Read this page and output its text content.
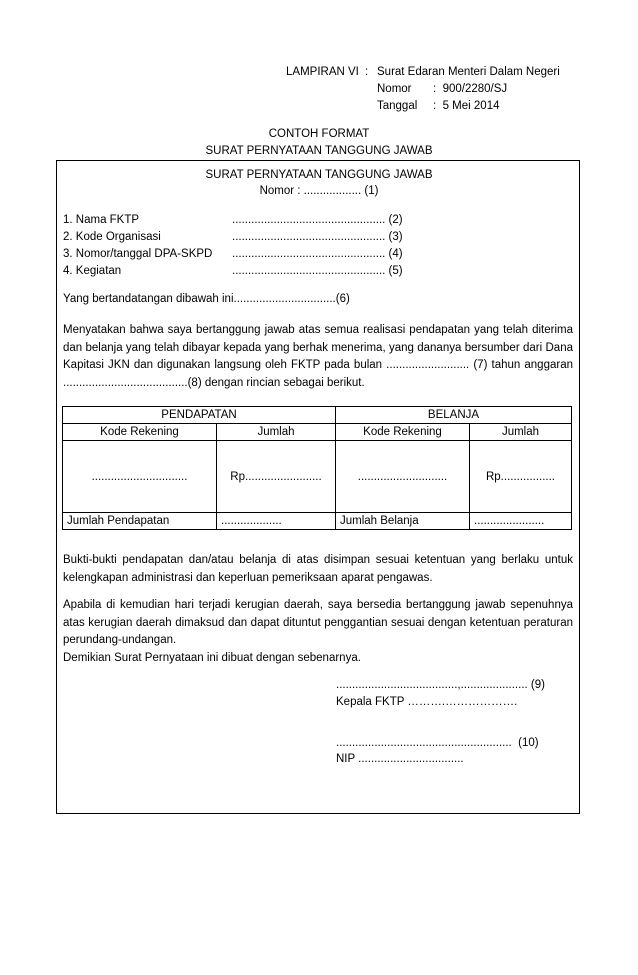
LAMPIRAN VI : Surat Edaran Menteri Dalam Negeri
Nomor :  900/2280/SJ
Tanggal :  5 Mei 2014
CONTOH FORMAT
SURAT PERNYATAAN TANGGUNG JAWAB
SURAT PERNYATAAN TANGGUNG JAWAB
Nomor : .................. (1)
1. Nama FKTP	................................................ (2)
2. Kode Organisasi	................................................ (3)
3. Nomor/tanggal DPA-SKPD ................................................ (4)
4. Kegiatan	................................................ (5)
Yang bertandatangan dibawah ini................................(6)
Menyatakan bahwa saya bertanggung jawab atas semua realisasi pendapatan yang telah diterima dan belanja yang telah dibayar kepada yang berhak menerima, yang dananya bersumber dari Dana Kapitasi JKN dan digunakan langsung oleh FKTP pada bulan .......................... (7) tahun anggaran .......................................(8) dengan rincian sebagai berikut.
PENDAPATAN		BELANJA	
Kode Rekening	Jumlah	Kode Rekening	Jumlah
..............................	Rp........................	............................	Rp.................
Jumlah Pendapatan	...................	Jumlah Belanja	......................
Bukti-bukti pendapatan dan/atau belanja di atas disimpan sesuai ketentuan yang berlaku untuk kelengkapan administrasi dan keperluan pemeriksaan aparat pengawas.
Apabila di kemudian hari terjadi kerugian daerah, saya bersedia bertanggung jawab sepenuhnya atas kerugian daerah dimaksud dan dapat dituntut penggantian sesuai dengan ketentuan peraturan perundang-undangan.
Demikian Surat Pernyataan ini dibuat dengan sebenarnya.
......................................,..................... (9)
Kepala FKTP ……….……………….
.......................................................  (10)
NIP .................................
